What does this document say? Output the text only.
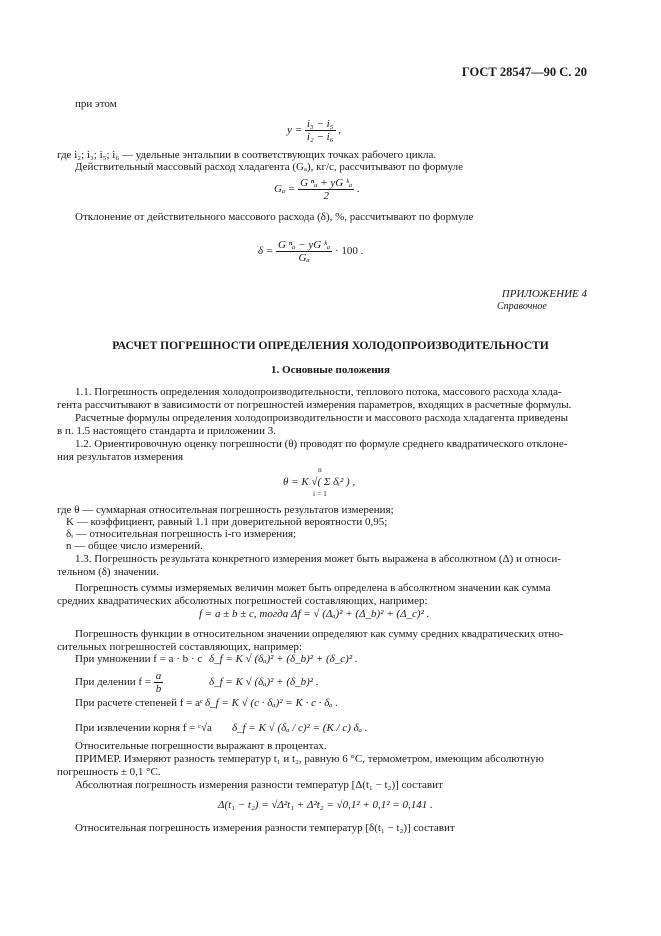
ГОСТ 28547—90 С. 20
при этом
$y = \frac{\text{i₃ − i₅}}{\text{i₂ − i₆}}$ ,
где i₂; i₃; i₅; i₆ — удельные энтальпии в соответствующих точках рабочего цикла.
Действительный массовый расход хладагента (Gₐ), кг/с, рассчитывают по формуле
$G_a = \frac{\text{G ⁿₐ + yG ᵏₐ}}{2}$ .
Отклонение от действительного массового расхода (δ), %, рассчитывают по формуле
$\delta = \frac{\text{G ⁿₐ − yG ᵏₐ}}{\text{Gₐ}} \cdot 100$ .
ПРИЛОЖЕНИЕ 4
Справочное
РАСЧЕТ ПОГРЕШНОСТИ ОПРЕДЕЛЕНИЯ ХОЛОДОПРОИЗВОДИТЕЛЬНОСТИ
1. Основные положения
1.1. Погрешность определения холодопроизводительности, теплового потока, массового расхода хлада-
гента рассчитывают в зависимости от погрешностей измерения параметров, входящих в расчетные формулы.
Расчетные формулы определения холодопроизводительности и массового расхода хладагента приведены
в п. 1.5 настоящего стандарта и приложении 3.
1.2. Ориентировочную оценку погрешности (θ) проводят по формуле среднего квадратического отклоне-
ния результатов измерения
θ = K √( Σ δᵢ² ) ,
n
i = 1
где θ — суммарная относительная погрешность результатов измерения;
K — коэффициент, равный 1.1 при доверительной вероятности 0,95;
δᵢ — относительная погрешность i-го измерения;
n — общее число измерений.
1.3. Погрешность результата конкретного измерения может быть выражена в абсолютном (Δ) и относи-
тельном (δ) значении.
Погрешность суммы измеряемых величин может быть определена в абсолютном значении как сумма
средних квадратических абсолютных погрешностей составляющих, например:
f = a ± b ± c, тогда Δf = √ (Δₐ)² + (Δ_b)² + (Δ_c)² .
Погрешность функции в относительном значении определяют как сумму средних квадратических отно-
сительных погрешностей составляющих, например:
При умножении f = a · b · c δ_f = K √ (δₐ)² + (δ_b)² + (δ_c)² .
При делении $f = \frac{a}{b}$	δ_f = K √ (δₐ)² + (δ_b)² .
При расчете степеней f = aᶜ δ_f = K √ (c · δₐ)² = K · c · δₐ .
При извлечении корня f = ᶜ√a δ_f = K √ (δₐ / c)² = (K / c) δₐ .
Относительные погрешности выражают в процентах.
ПРИМЕР. Измеряют разность температур t₁ и t₂, равную 6 °С, термометром, имеющим абсолютную
погрешность ± 0,1 °С.
Абсолютная погрешность измерения разности температур [Δ(t₁ − t₂)] составит
Δ(t₁ − t₂) = √Δ²t₁ + Δ²t₂ = √0,1² + 0,1² = 0,141 .
Относительная погрешность измерения разности температур [δ(t₁ − t₂)] составит
